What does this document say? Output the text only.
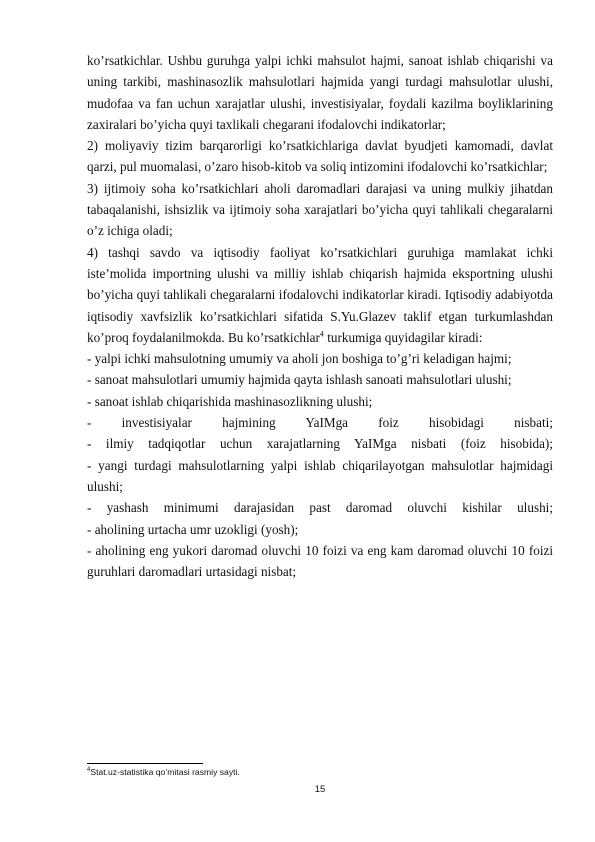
ko’rsatkichlar. Ushbu guruhga yalpi ichki mahsulot hajmi, sanoat ishlab chiqarishi va uning tarkibi, mashinasozlik mahsulotlari hajmida yangi turdagi mahsulotlar ulushi, mudofaa va fan uchun xarajatlar ulushi, investisiyalar, foydali kazilma boyliklarining zaxiralari bo’yicha quyi taxlikali chegarani ifodalovchi indikatorlar;

2) moliyaviy tizim barqarorligi ko’rsatkichlariga davlat byudjeti kamomadi, davlat qarzi, pul muomalasi, o’zaro hisob-kitob va soliq intizomini ifodalovchi ko’rsatkichlar;

3) ijtimoiy soha ko’rsatkichlari aholi daromadlari darajasi va uning mulkiy jihatdan tabaqalanishi, ishsizlik va ijtimoiy soha xarajatlari bo’yicha quyi tahlikali chegaralarni o’z ichiga oladi;

4) tashqi savdo va iqtisodiy faoliyat ko’rsatkichlari guruhiga mamlakat ichki iste’molida importning ulushi va milliy ishlab chiqarish hajmida eksportning ulushi bo’yicha quyi tahlikali chegaralarni ifodalovchi indikatorlar kiradi. Iqtisodiy adabiyotda iqtisodiy xavfsizlik ko’rsatkichlari sifatida S.Yu.Glazev taklif etgan turkumlashdan ko’proq foydalanilmokda. Bu ko’rsatkichlar$^4$ turkumiga quyidagilar kiradi:

- yalpi ichki mahsulotning umumiy va aholi jon boshiga to’g’ri keladigan hajmi;

- sanoat mahsulotlari umumiy hajmida qayta ishlash sanoati mahsulotlari ulushi;

- sanoat ishlab chiqarishida mashinasozlikning ulushi;

- investisiyalar hajmining YaIMga foiz hisobidagi nisbati;

- ilmiy tadqiqotlar uchun xarajatlarning YaIMga nisbati (foiz hisobida);

- yangi turdagi mahsulotlarning yalpi ishlab chiqarilayotgan mahsulotlar hajmidagi ulushi;

- yashash minimumi darajasidan past daromad oluvchi kishilar ulushi;

- aholining urtacha umr uzokligi (yosh);

- aholining eng yukori daromad oluvchi 10 foizi va eng kam daromad oluvchi 10 foizi guruhlari daromadlari urtasidagi nisbat;

$^4$Stat.uz-statistika qo’mitasi rasmiy sayti.
15
